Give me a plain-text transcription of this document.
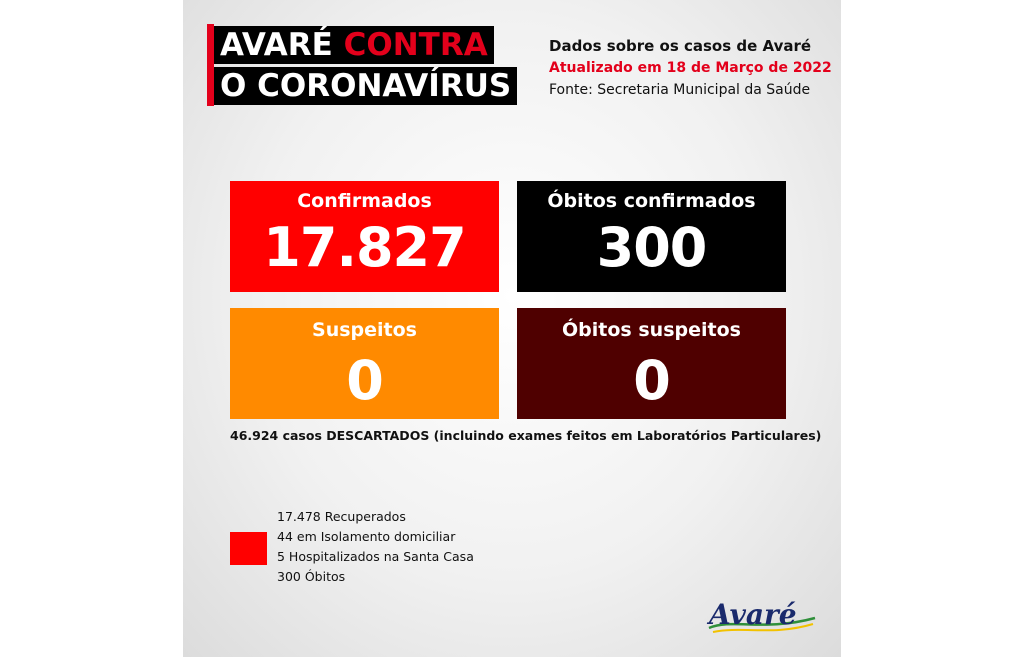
AVARÉ CONTRA
O CORONAVÍRUS
Dados sobre os casos de Avaré
Atualizado em 18 de Março de 2022
Fonte: Secretaria Municipal da Saúde
Confirmados
17.827
Óbitos confirmados
300
Suspeitos
0
Óbitos suspeitos
0
46.924 casos DESCARTADOS (incluindo exames feitos em Laboratórios Particulares)
17.478 Recuperados
44 em Isolamento domiciliar
5 Hospitalizados na Santa Casa
300 Óbitos
Avaré
